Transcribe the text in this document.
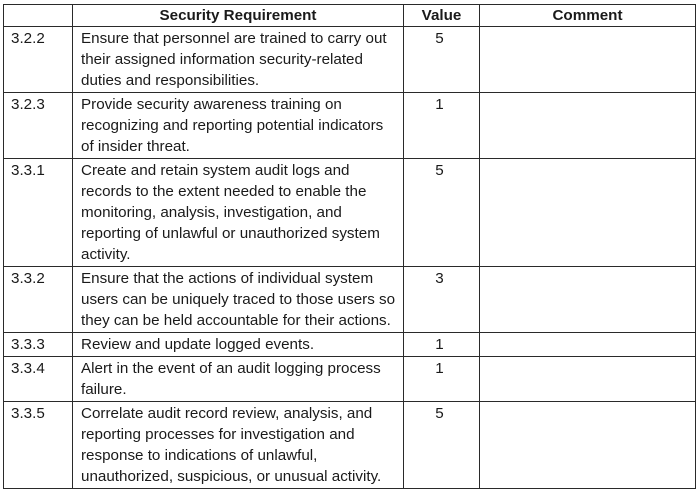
	Security Requirement	Value	Comment
3.2.2	Ensure that personnel are trained to carry out their assigned information security-related duties and responsibilities.	5	
3.2.3	Provide security awareness training on recognizing and reporting potential indicators of insider threat.	1	
3.3.1	Create and retain system audit logs and records to the extent needed to enable the monitoring, analysis, investigation, and reporting of unlawful or unauthorized system activity.	5	
3.3.2	Ensure that the actions of individual system users can be uniquely traced to those users so they can be held accountable for their actions.	3	
3.3.3	Review and update logged events.	1	
3.3.4	Alert in the event of an audit logging process failure.	1	
3.3.5	Correlate audit record review, analysis, and reporting processes for investigation and response to indications of unlawful, unauthorized, suspicious, or unusual activity.	5	
